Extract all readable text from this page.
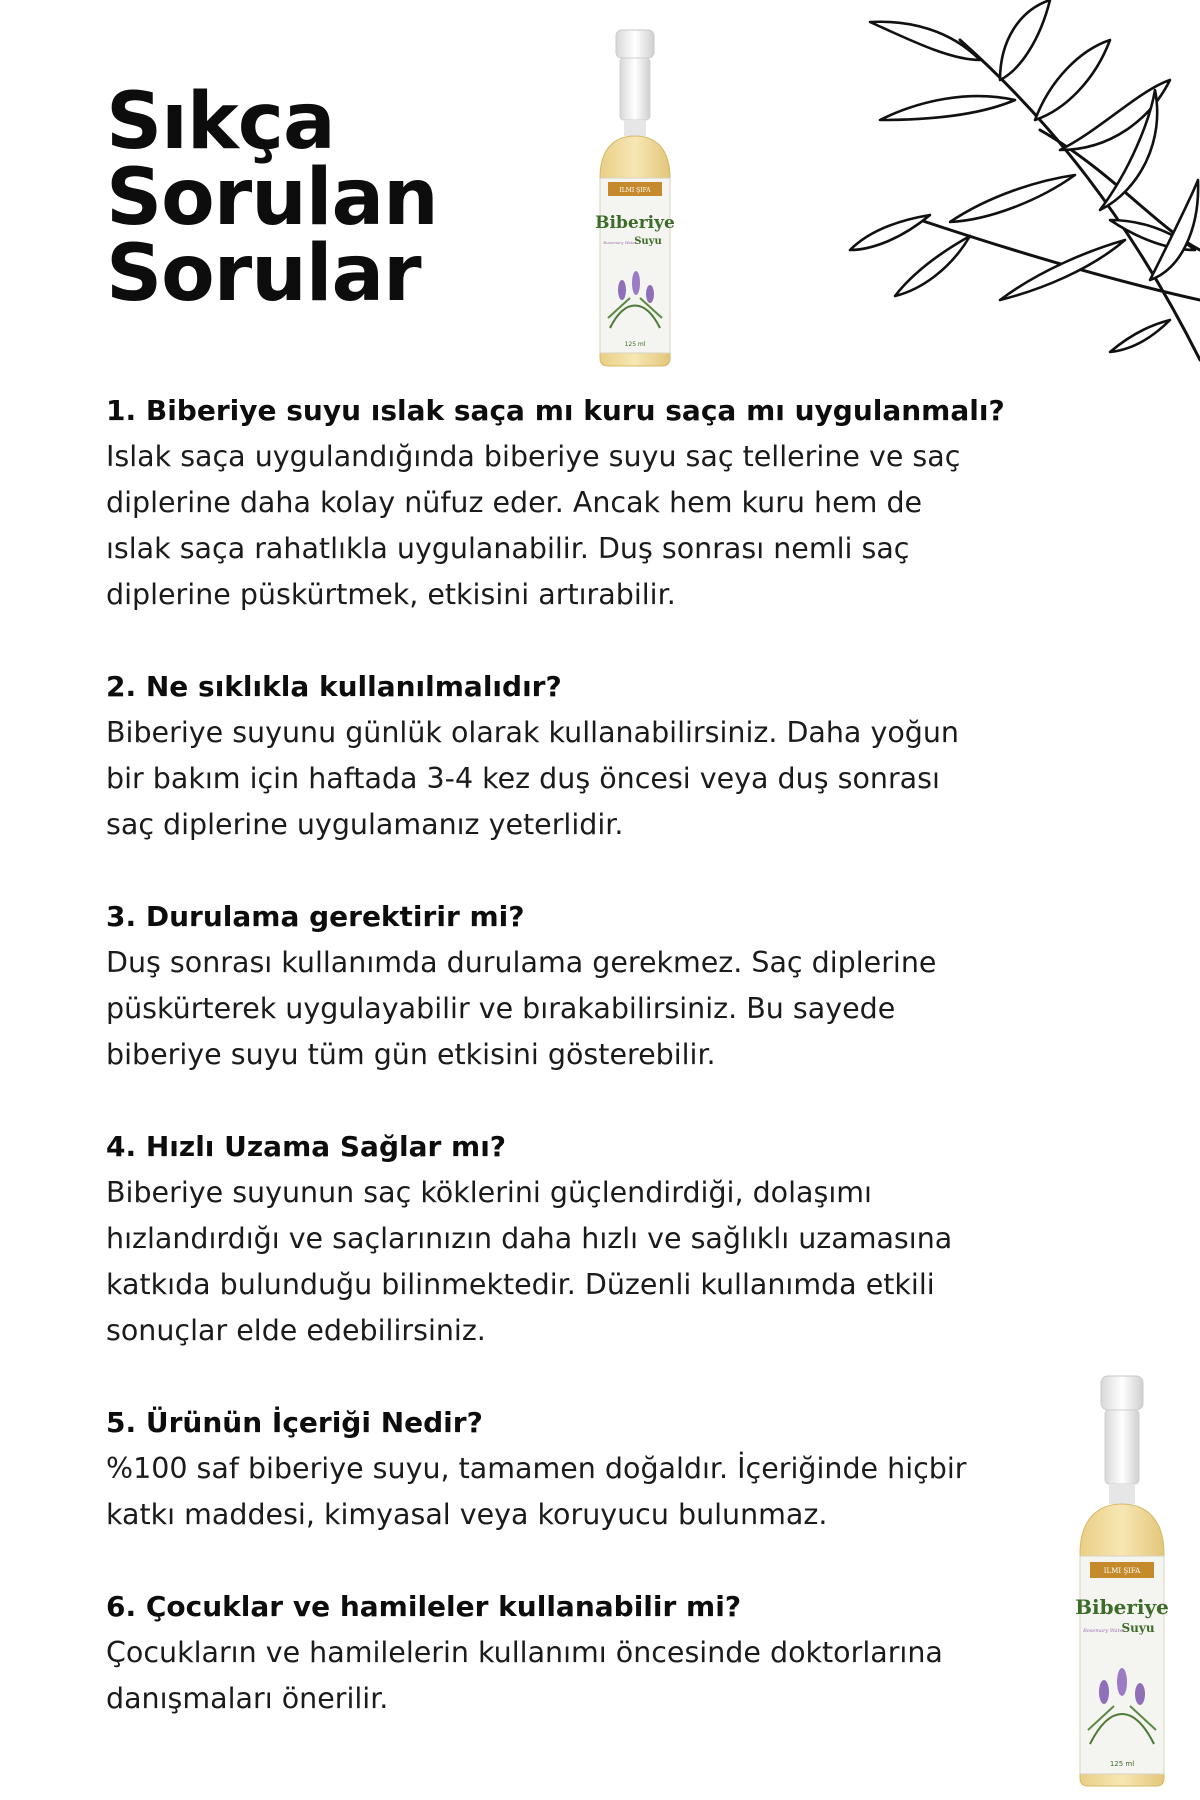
Sıkça
Sorulan
Sorular
ILMI ŞIFA
Biberiye
Suyu
Rosemary Water
125 ml

1. Biberiye suyu ıslak saça mı kuru saça mı uygulanmalı?

Islak saça uygulandığında biberiye suyu saç tellerine ve saç
diplerine daha kolay nüfuz eder. Ancak hem kuru hem de
ıslak saça rahatlıkla uygulanabilir. Duş sonrası nemli saç
diplerine püskürtmek, etkisini artırabilir.

2. Ne sıklıkla kullanılmalıdır?

Biberiye suyunu günlük olarak kullanabilirsiniz. Daha yoğun
bir bakım için haftada 3-4 kez duş öncesi veya duş sonrası
saç diplerine uygulamanız yeterlidir.

3. Durulama gerektirir mi?

Duş sonrası kullanımda durulama gerekmez. Saç diplerine
püskürterek uygulayabilir ve bırakabilirsiniz. Bu sayede
biberiye suyu tüm gün etkisini gösterebilir.

4. Hızlı Uzama Sağlar mı?

Biberiye suyunun saç köklerini güçlendirdiği, dolaşımı
hızlandırdığı ve saçlarınızın daha hızlı ve sağlıklı uzamasına
katkıda bulunduğu bilinmektedir. Düzenli kullanımda etkili
sonuçlar elde edebilirsiniz.

5. Ürünün İçeriği Nedir?

%100 saf biberiye suyu, tamamen doğaldır. İçeriğinde hiçbir
katkı maddesi, kimyasal veya koruyucu bulunmaz.

6. Çocuklar ve hamileler kullanabilir mi?

Çocukların ve hamilelerin kullanımı öncesinde doktorlarına
danışmaları önerilir.

ILMI ŞIFA
Biberiye
Suyu
Rosemary Water
125 ml
